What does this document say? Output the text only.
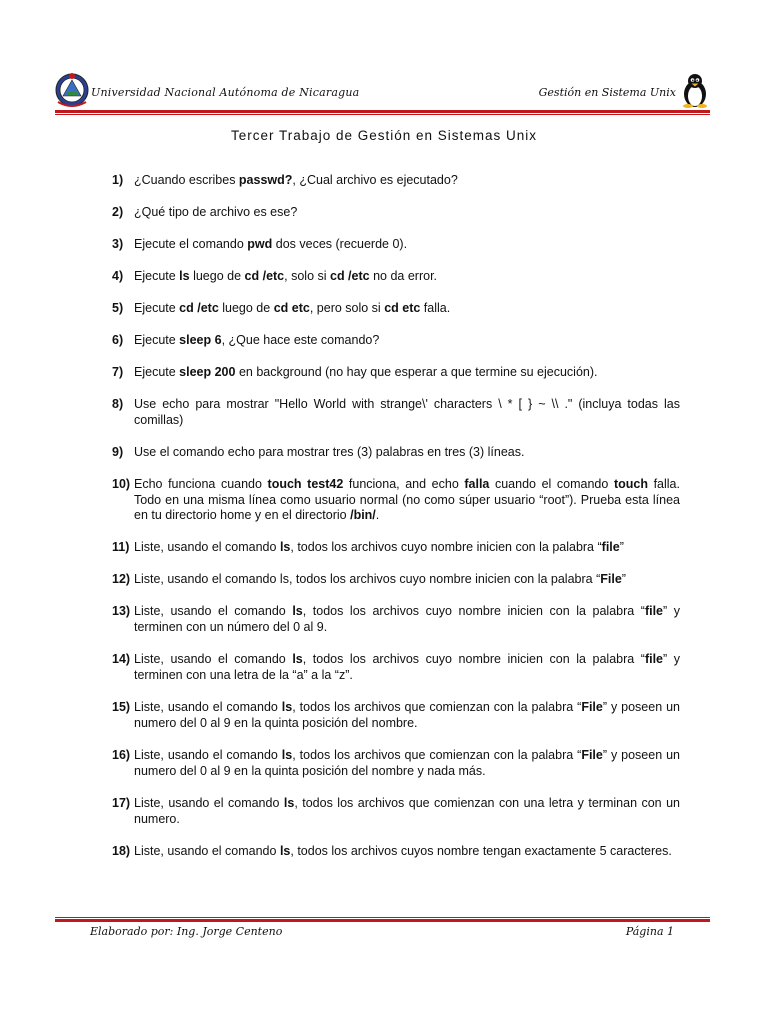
Universidad Nacional Autónoma de Nicaragua	Gestión en Sistema Unix
Tercer Trabajo de Gestión en Sistemas Unix
1) ¿Cuando escribes passwd?, ¿Cual archivo es ejecutado?
2) ¿Qué tipo de archivo es ese?
3) Ejecute el comando pwd dos veces (recuerde 0).
4) Ejecute ls luego de cd /etc, solo si cd /etc no da error.
5) Ejecute cd /etc luego de cd etc, pero solo si cd etc falla.
6) Ejecute sleep 6, ¿Que hace este comando?
7) Ejecute sleep 200 en background (no hay que esperar a que termine su ejecución).
8) Use echo para mostrar "Hello World with strange\' characters \ * [ } ~ \\ ." (incluya todas las comillas)
9) Use el comando echo para mostrar tres (3) palabras en tres (3) líneas.
10) Echo funciona cuando touch test42 funciona, and echo falla cuando el comando touch falla. Todo en una misma línea como usuario normal (no como súper usuario “root”). Prueba esta línea en tu directorio home y en el directorio /bin/.
11) Liste, usando el comando ls, todos los archivos cuyo nombre inicien con la palabra “file”
12) Liste, usando el comando ls, todos los archivos cuyo nombre inicien con la palabra “File”
13) Liste, usando el comando ls, todos los archivos cuyo nombre inicien con la palabra “file” y terminen con un número del 0 al 9.
14) Liste, usando el comando ls, todos los archivos cuyo nombre inicien con la palabra “file” y terminen con una letra de la “a” a la “z”.
15) Liste, usando el comando ls, todos los archivos que comienzan con la palabra “File” y poseen un numero del 0 al 9 en la quinta posición del nombre.
16) Liste, usando el comando ls, todos los archivos que comienzan con la palabra “File” y poseen un numero del 0 al 9 en la quinta posición del nombre y nada más.
17) Liste, usando el comando ls, todos los archivos que comienzan con una letra y terminan con un numero.
18) Liste, usando el comando ls, todos los archivos cuyos nombre tengan exactamente 5 caracteres.
Elaborado por: Ing. Jorge Centeno	Página 1
